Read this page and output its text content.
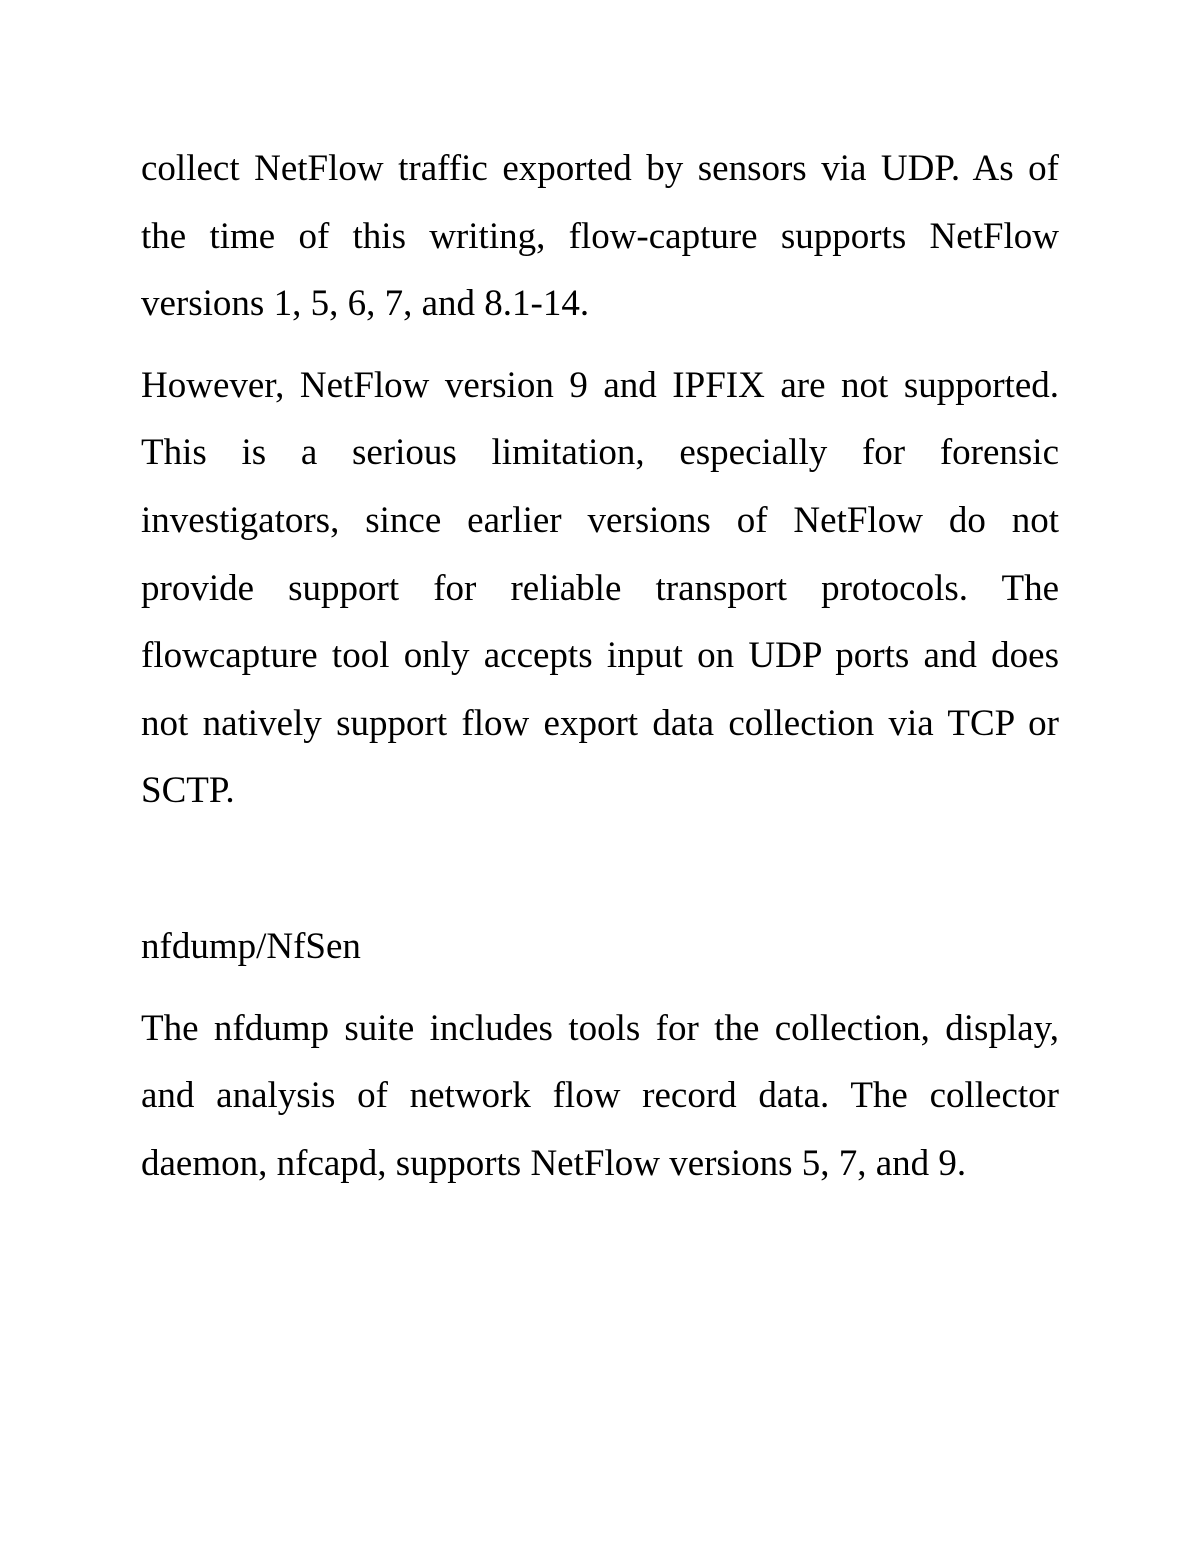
collect NetFlow traffic exported by sensors via UDP. As of the time of this writing, flow-capture supports NetFlow versions 1, 5, 6, 7, and 8.1-14.

However, NetFlow version 9 and IPFIX are not supported. This is a serious limitation, especially for forensic investigators, since earlier versions of NetFlow do not provide support for reliable transport protocols. The flowcapture tool only accepts input on UDP ports and does not natively support flow export data collection via TCP or SCTP.

nfdump/NfSen

The nfdump suite includes tools for the collection, display, and analysis of network flow record data. The collector daemon, nfcapd, supports NetFlow versions 5, 7, and 9.
